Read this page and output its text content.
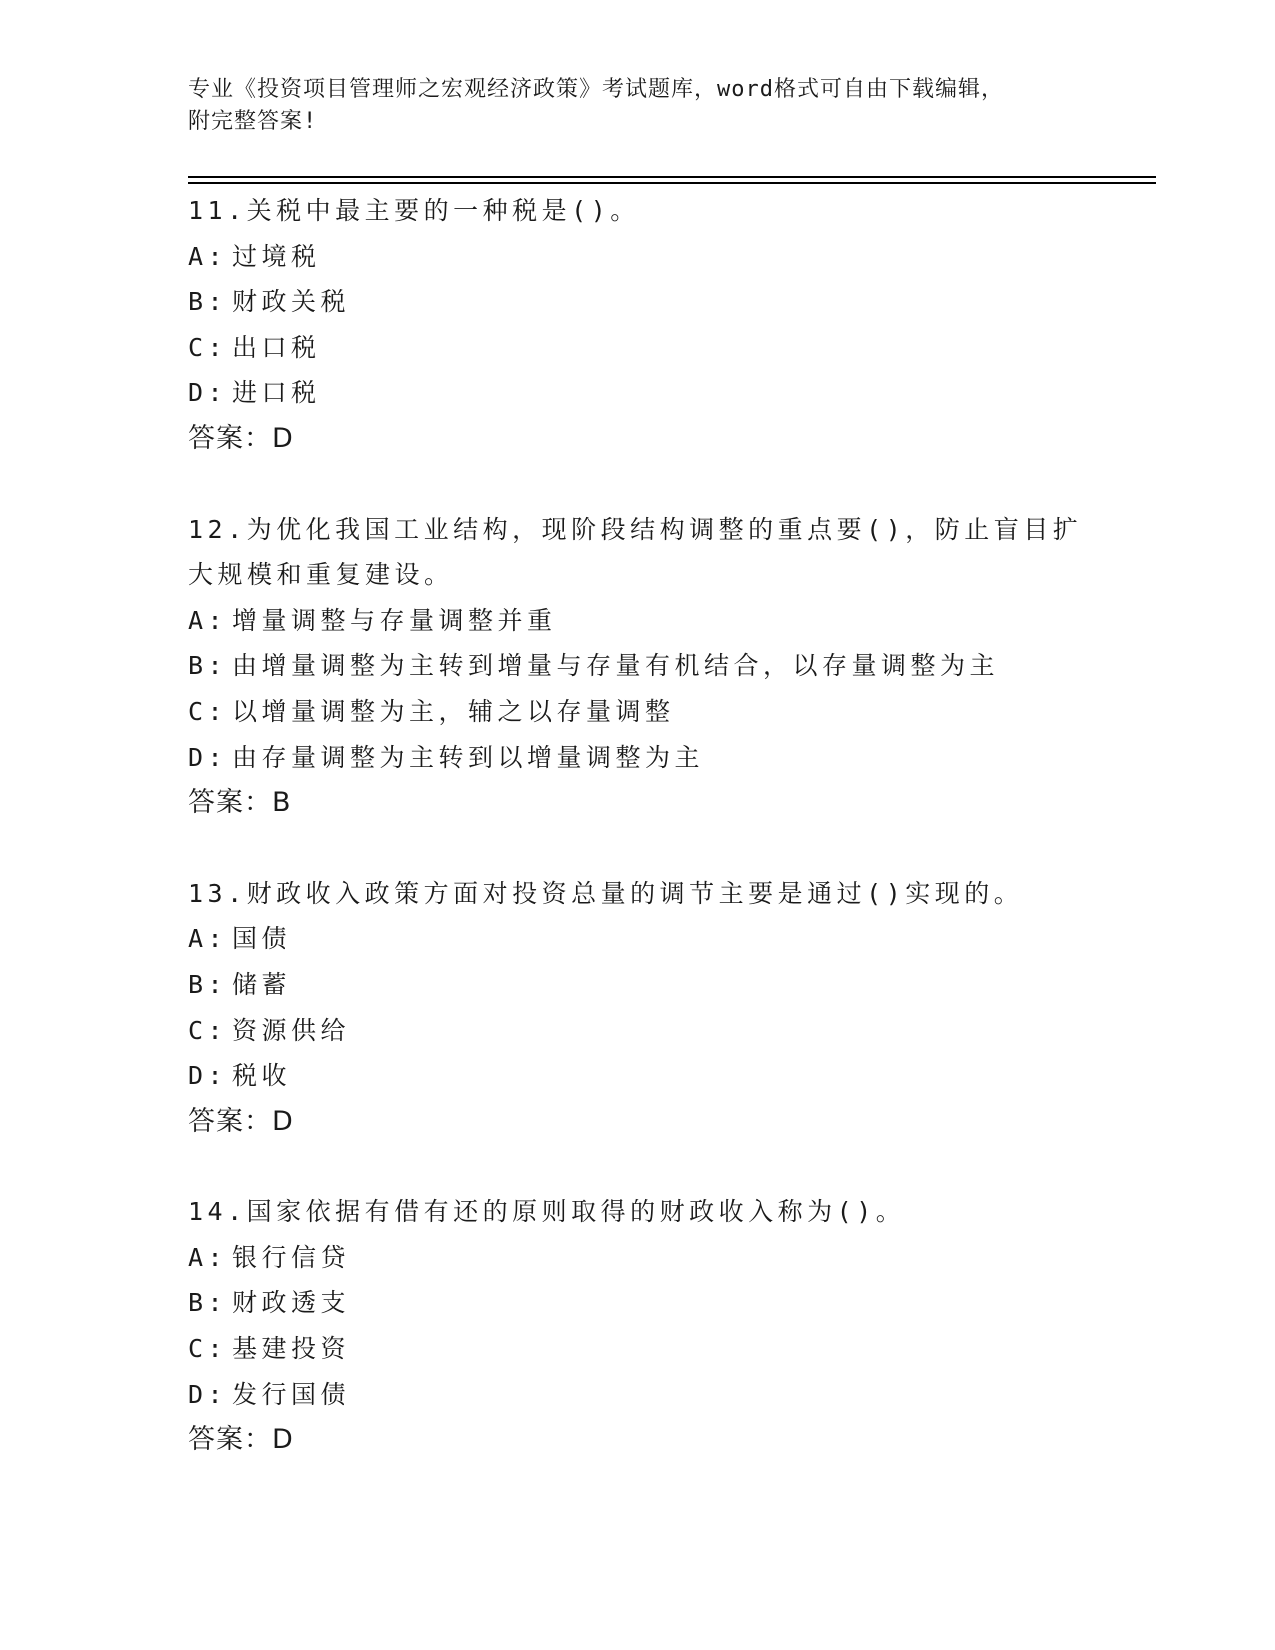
专业《投资项目管理师之宏观经济政策》考试题库，word格式可自由下载编辑，
附完整答案!

11.关税中最主要的一种税是()。

A: 过境税

B: 财政关税

C: 出口税

D: 进口税

答案：D

12.为优化我国工业结构，现阶段结构调整的重点要()，防止盲目扩大规模和重复建设。

A: 增量调整与存量调整并重

B: 由增量调整为主转到增量与存量有机结合，以存量调整为主

C: 以增量调整为主，辅之以存量调整

D: 由存量调整为主转到以增量调整为主

答案：B

13.财政收入政策方面对投资总量的调节主要是通过()实现的。

A: 国债

B: 储蓄

C: 资源供给

D: 税收

答案：D

14.国家依据有借有还的原则取得的财政收入称为()。

A: 银行信贷

B: 财政透支

C: 基建投资

D: 发行国债

答案：D
